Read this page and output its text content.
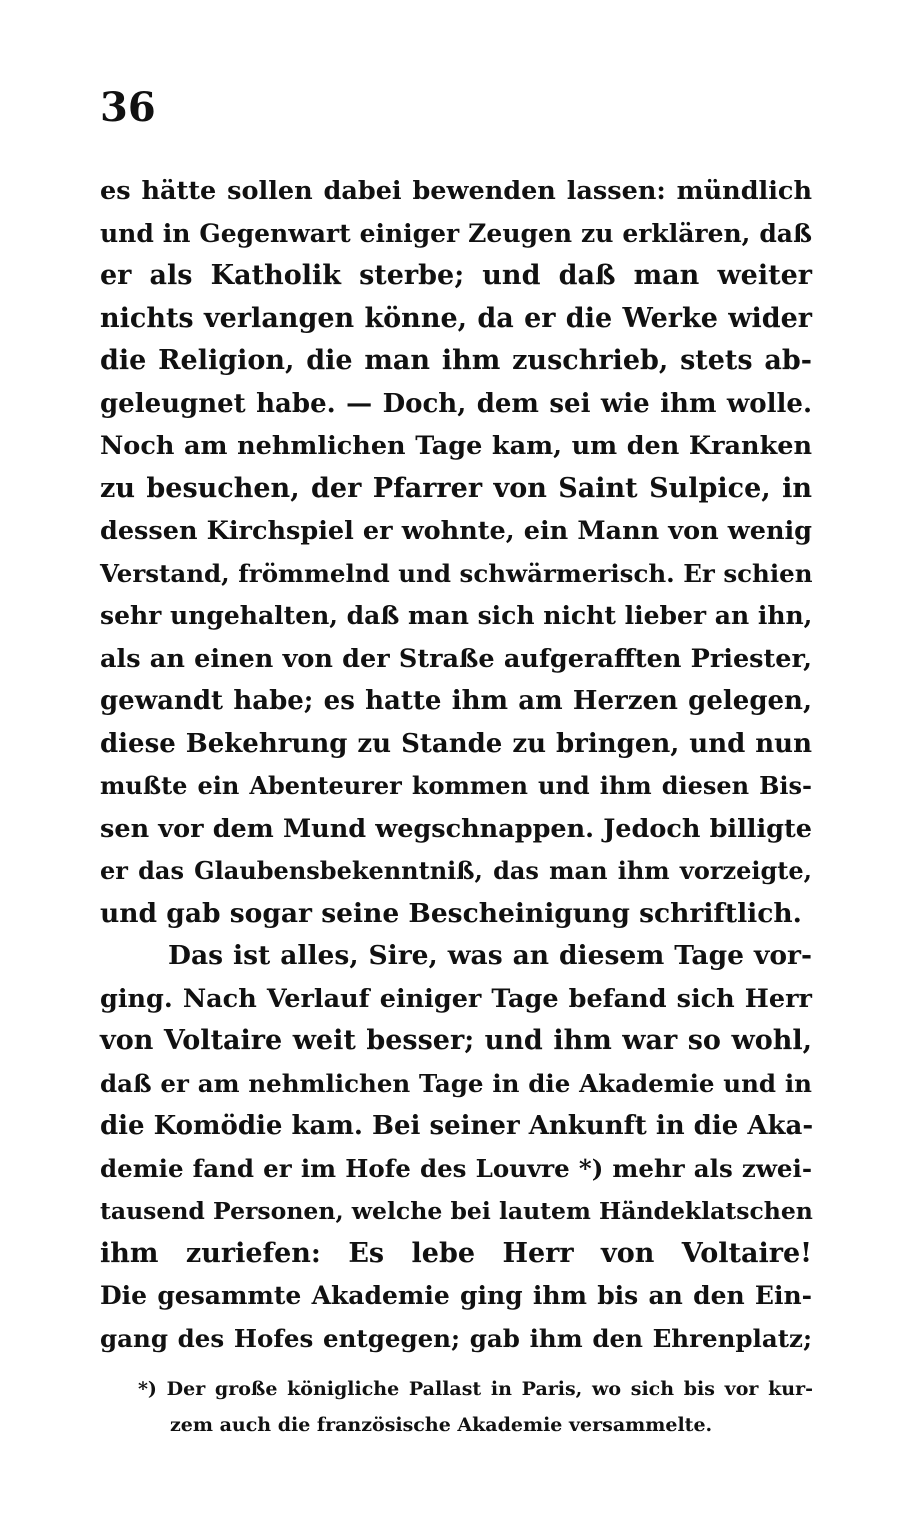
36
es hätte sollen dabei bewenden lassen: mündlich
und in Gegenwart einiger Zeugen zu erklären, daß
er als Katholik sterbe; und daß man weiter
nichts verlangen könne, da er die Werke wider
die Religion, die man ihm zuschrieb, stets ab-
geleugnet habe. — Doch, dem sei wie ihm wolle.
Noch am nehmlichen Tage kam, um den Kranken
zu besuchen, der Pfarrer von Saint Sulpice, in
dessen Kirchspiel er wohnte, ein Mann von wenig
Verstand, frömmelnd und schwärmerisch. Er schien
sehr ungehalten, daß man sich nicht lieber an ihn,
als an einen von der Straße aufgerafften Priester,
gewandt habe; es hatte ihm am Herzen gelegen,
diese Bekehrung zu Stande zu bringen, und nun
mußte ein Abenteurer kommen und ihm diesen Bis-
sen vor dem Mund wegschnappen. Jedoch billigte
er das Glaubensbekenntniß, das man ihm vorzeigte,
und gab sogar seine Bescheinigung schriftlich.
Das ist alles, Sire, was an diesem Tage vor-
ging. Nach Verlauf einiger Tage befand sich Herr
von Voltaire weit besser; und ihm war so wohl,
daß er am nehmlichen Tage in die Akademie und in
die Komödie kam. Bei seiner Ankunft in die Aka-
demie fand er im Hofe des Louvre *) mehr als zwei-
tausend Personen, welche bei lautem Händeklatschen
ihm zuriefen: Es lebe Herr von Voltaire!
Die gesammte Akademie ging ihm bis an den Ein-
gang des Hofes entgegen; gab ihm den Ehrenplatz;
*) Der große königliche Pallast in Paris, wo sich bis vor kur-
zem auch die französische Akademie versammelte.
